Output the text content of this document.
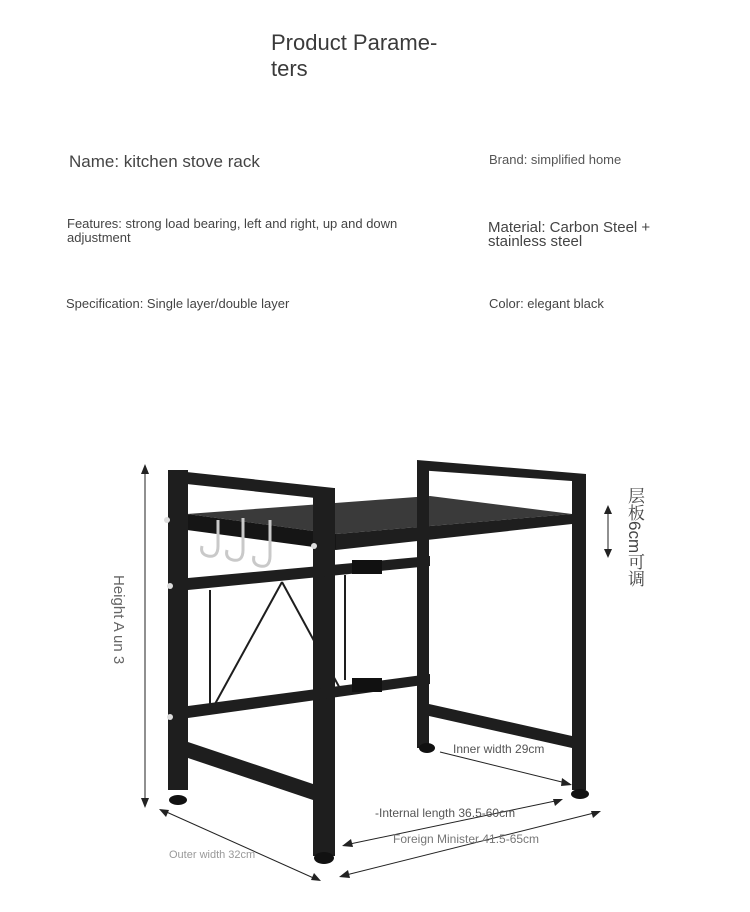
Product Parame-
ters
Name: kitchen stove rack	Brand: simplified home
Features: strong load bearing, left and right, up and down adjustment
Material: Carbon Steel + stainless steel
Specification: Single layer/double layer	Color: elegant black
Height A un 3
层板6cm可调
Inner width 29cm
-Internal length 36.5-60cm
Foreign Minister 41.5-65cm
Outer width 32cm
